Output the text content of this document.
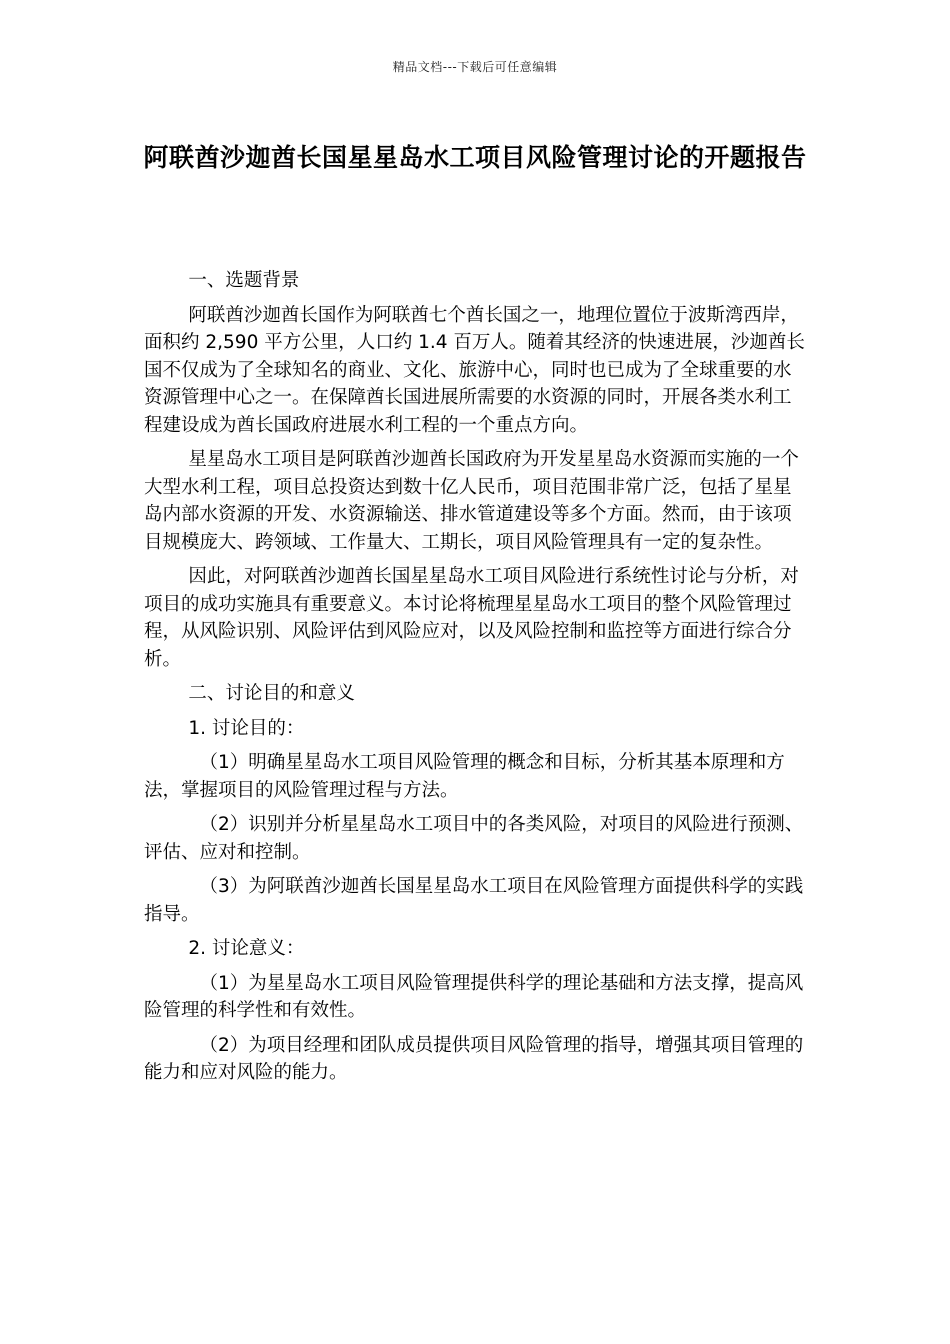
精品文档---下载后可任意编辑
阿联酋沙迦酋长国星星岛水工项目风险管理讨论的开题报告

一、选题背景

阿联酋沙迦酋长国作为阿联酋七个酋长国之一，地理位置位于波斯湾西岸，面积约 2,590 平方公里，人口约 1.4 百万人。随着其经济的快速进展，沙迦酋长国不仅成为了全球知名的商业、文化、旅游中心，同时也已成为了全球重要的水资源管理中心之一。在保障酋长国进展所需要的水资源的同时，开展各类水利工程建设成为酋长国政府进展水利工程的一个重点方向。

星星岛水工项目是阿联酋沙迦酋长国政府为开发星星岛水资源而实施的一个大型水利工程，项目总投资达到数十亿人民币，项目范围非常广泛，包括了星星岛内部水资源的开发、水资源输送、排水管道建设等多个方面。然而，由于该项目规模庞大、跨领域、工作量大、工期长，项目风险管理具有一定的复杂性。

因此，对阿联酋沙迦酋长国星星岛水工项目风险进行系统性讨论与分析，对项目的成功实施具有重要意义。本讨论将梳理星星岛水工项目的整个风险管理过程，从风险识别、风险评估到风险应对，以及风险控制和监控等方面进行综合分析。

二、讨论目的和意义

1. 讨论目的：

（1）明确星星岛水工项目风险管理的概念和目标，分析其基本原理和方法，掌握项目的风险管理过程与方法。

（2）识别并分析星星岛水工项目中的各类风险，对项目的风险进行预测、评估、应对和控制。

（3）为阿联酋沙迦酋长国星星岛水工项目在风险管理方面提供科学的实践指导。

2. 讨论意义：

（1）为星星岛水工项目风险管理提供科学的理论基础和方法支撑，提高风险管理的科学性和有效性。

（2）为项目经理和团队成员提供项目风险管理的指导，增强其项目管理的能力和应对风险的能力。
